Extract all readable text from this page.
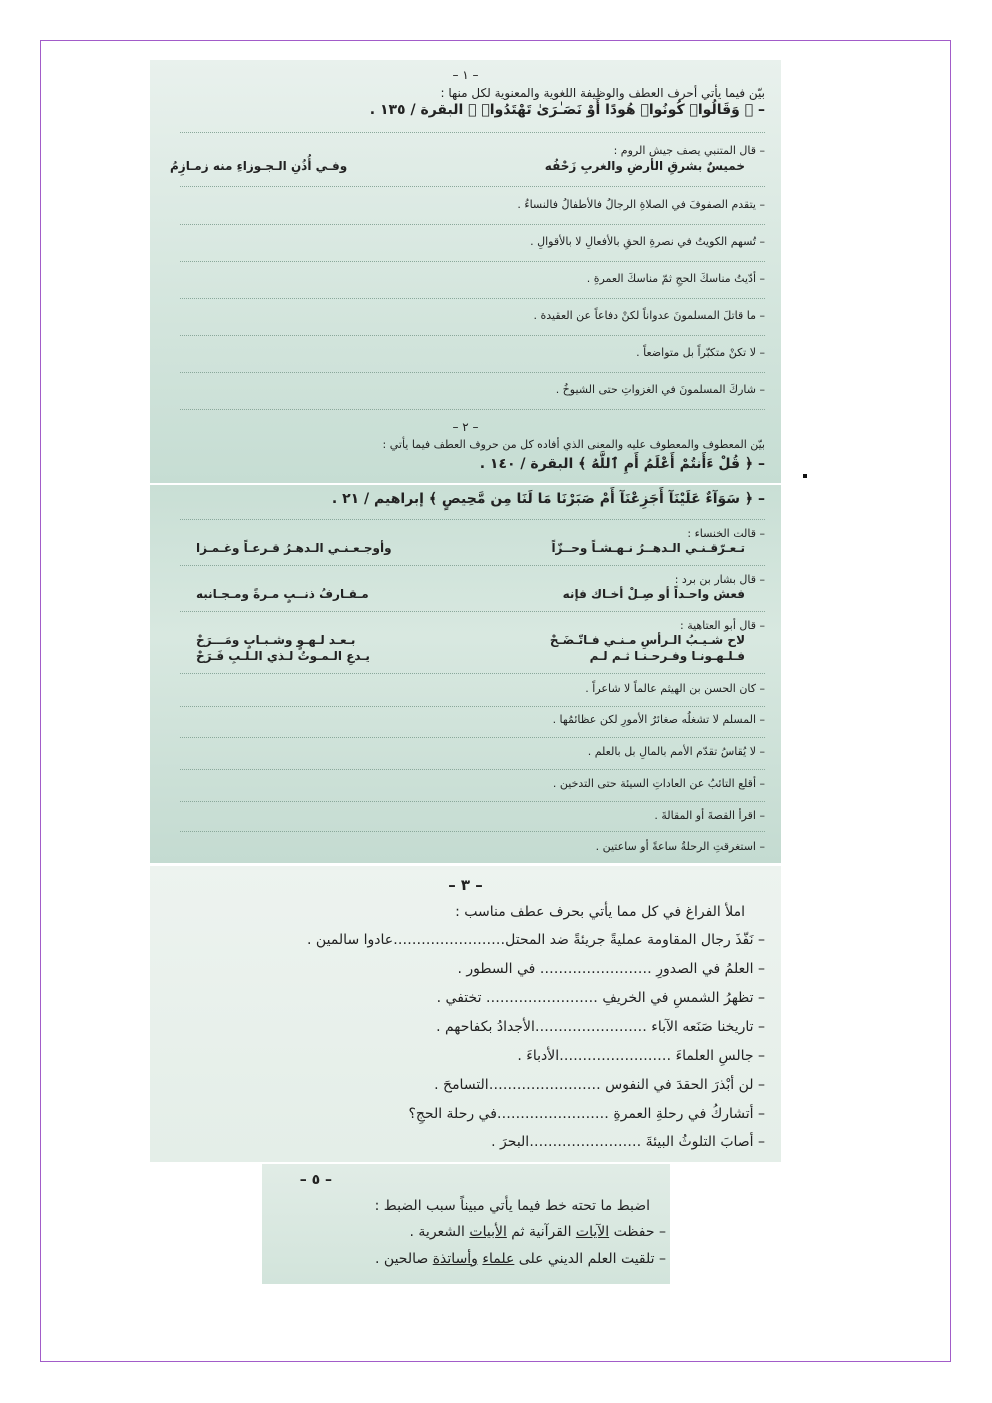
– ١ –
بيّن فيما يأتي أحرف العطف والوظيفة اللغوية والمعنوية لكل منها :
– ﴿ وَقَالُوا۟ كُونُوا۟ هُودًا أَوْ نَصَـٰرَىٰ تَهْتَدُوا۟ ﴾ البقرة / ١٣٥ .
– قال المتنبي يصف جيش الروم :
خميسٌ بشرقِ الأرضِ والغربِ زَحْفُه
وفـي أُذُنِ الـجـوزاءِ منه زمـازِمُ
– يتقدم الصفوفَ في الصلاةِ الرجالُ فالأطفالُ فالنساءُ .
– تُسهم الكويتُ في نصرةِ الحقِ بالأفعالِ لا بالأقوالِ .
– أدّيتُ مناسكَ الحجِ ثمّ مناسكَ العمرةِ .
– ما قاتلَ المسلمونَ عدواناً لكنْ دفاعاً عن العقيدة .
– لا تكنْ متكبّراً بل متواضعاً .
– شاركَ المسلمونَ في الغزواتِ حتى الشيوخُ .
– ٢ –
بيّن المعطوف والمعطوف عليه والمعنى الذي أفاده كل من حروف العطف فيما يأتي :
– ﴿ قُلْ ءَأَنتُمْ أَعْلَمُ أَمِ ٱللَّهُ ﴾ البقرة / ١٤٠ .
– ﴿ سَوَآءٌ عَلَيْنَآ أَجَزِعْنَآ أَمْ صَبَرْنَا مَا لَنَا مِن مَّحِيصٍ ﴾ إبراهيم / ٢١ .
– قالت الخنساء :
تـعـرّقـنـي الـدهــرُ نـهـشـاً وحــزّاً
وأوجـعـنـي الـدهـرُ قـرعـاً وغـمـزا
– قال بشار بن برد :
فعش واحـداً أو صِـلْ أخـاك فإنه
مـقـارفُ ذنــبٍ مـرةً ومـجـانبه
– قال أبو العتاهية :
لاح شـيـبُ الـرأسِ مـنـي فـاتّـضَـحْ
بـعـد لـهـوٍ وشـبـابٍ ومَـــرَحْ
فـلـهـونـا وفـرحـنـا ثـم لـم
يـدعِ الـمـوتُ لـذي الـلـبِ فَـرَحْ
– كان الحسن بن الهيثم عالماً لا شاعراً .
– المسلم لا تشغلُه صغائرُ الأمورِ لكن عظائمُها .
– لا يُقاسُ تقدّم الأمم بالمالِ بل بالعلم .
– أقلع التائبُ عن العاداتِ السيئة حتى التدخين .
– اقرأ القصةَ أو المقالةَ .
– استغرقتِ الرحلةُ ساعةً أو ساعتين .
– ٣ –
املأ الفراغ في كل مما يأتي بحرف عطف مناسب :
– نَفّذَ رجال المقاومة عمليةً جريئةً ضد المحتل……………………عادوا سالمين .
– العلمُ في الصدورِ …………………… في السطور .
– تظهرُ الشمسِ في الخريفِ …………………… تختفي .
– تاريخنا صَنَعه الآباء ……………………الأجدادُ بكفاحهم .
– جالسِ العلماءَ ……………………الأدباءَ .
– لن أبْذرَ الحقدَ في النفوس ……………………التسامحَ .
– أتشاركُ في رحلةِ العمرةِ ……………………في رحلة الحجِ؟
– أصابَ التلوثُ البيئةَ ……………………البحرَ .
– ٥ –
اضبط ما تحته خط فيما يأتي مبيناً سبب الضبط :
– حفظت الآيات القرآنية ثم الأبيات الشعرية .
– تلقيت العلم الديني على علماء وأساتذة صالحين .
